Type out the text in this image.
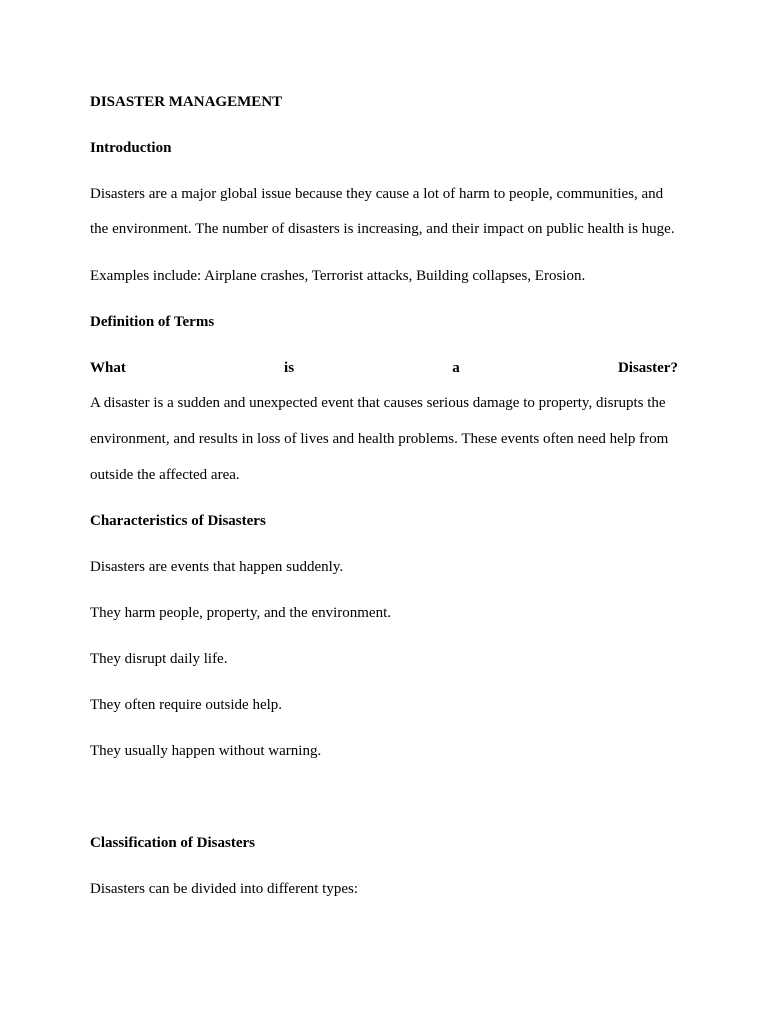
DISASTER MANAGEMENT
Introduction
Disasters are a major global issue because they cause a lot of harm to people, communities, and
the environment. The number of disasters is increasing, and their impact on public health is huge.
Examples include: Airplane crashes, Terrorist attacks, Building collapses, Erosion.
Definition of Terms
What	is	a	Disaster?
A disaster is a sudden and unexpected event that causes serious damage to property, disrupts the
environment, and results in loss of lives and health problems. These events often need help from
outside the affected area.
Characteristics of Disasters
Disasters are events that happen suddenly.
They harm people, property, and the environment.
They disrupt daily life.
They often require outside help.
They usually happen without warning.
Classification of Disasters
Disasters can be divided into different types:
